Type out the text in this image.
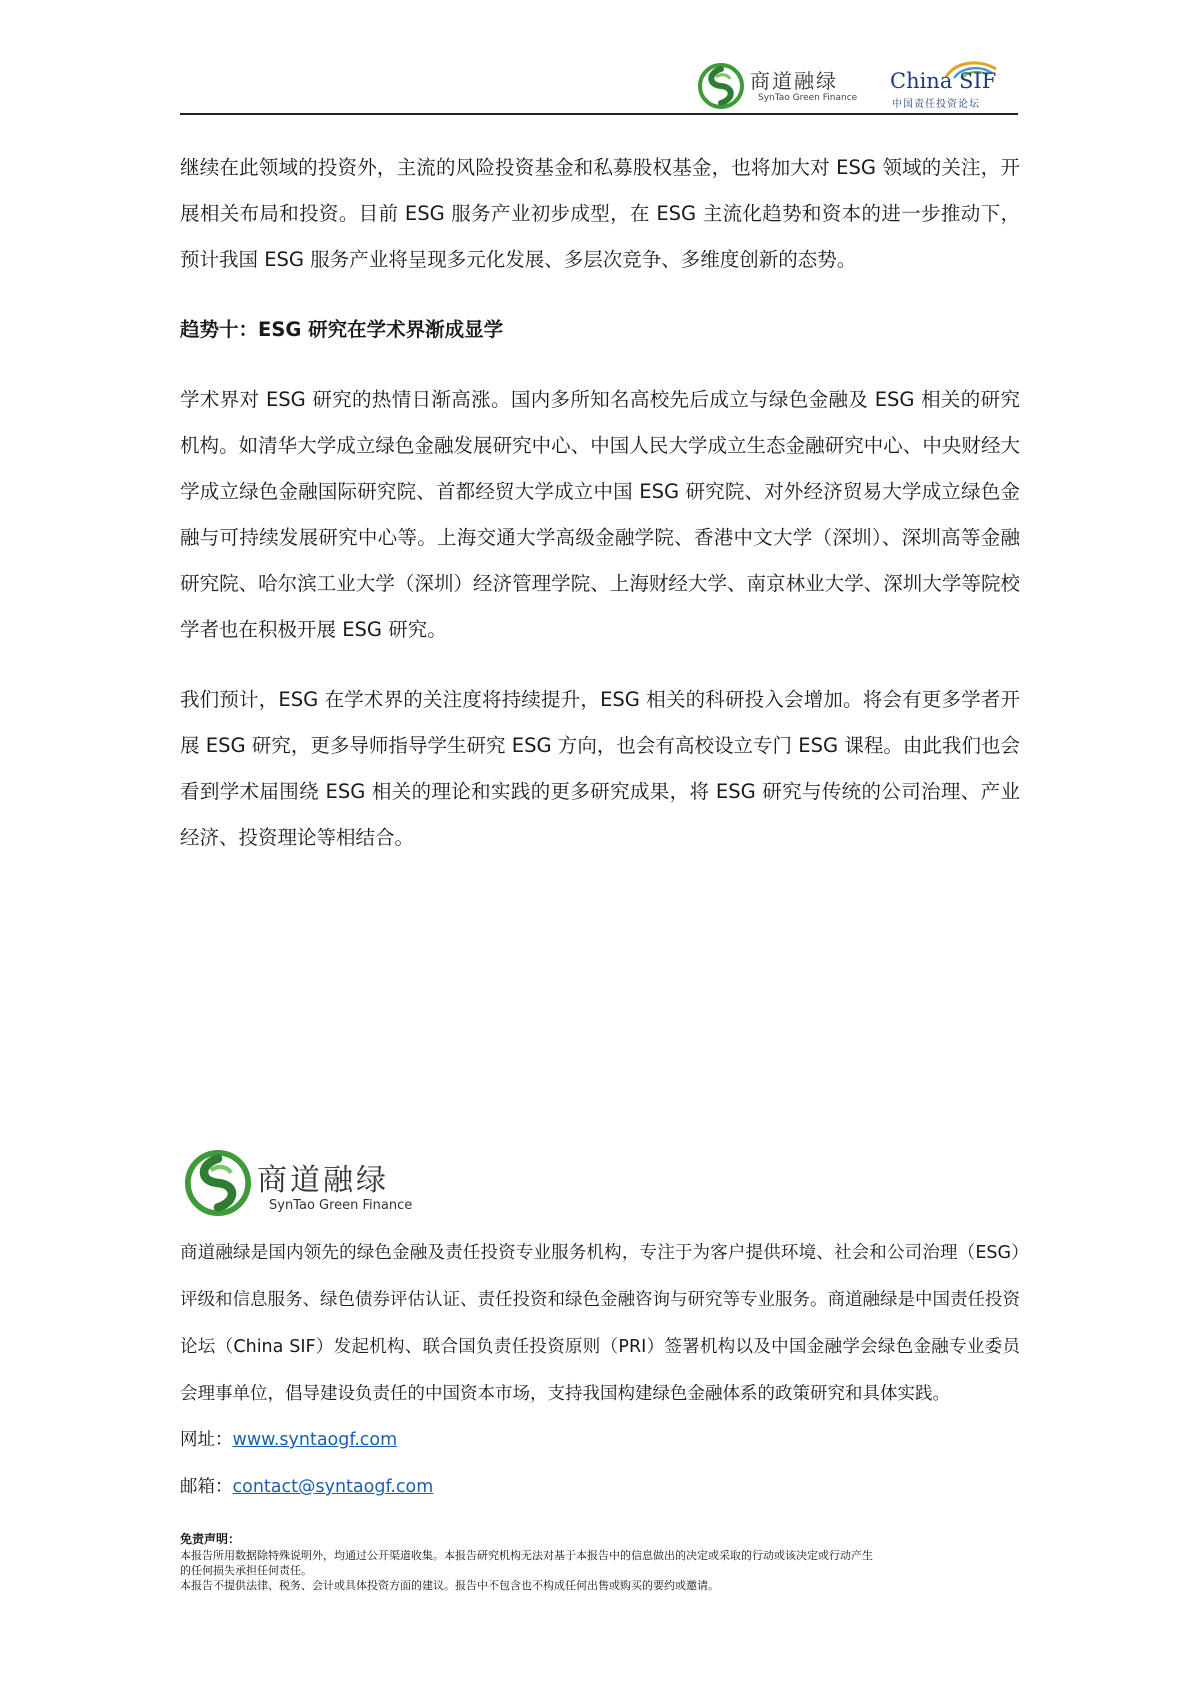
商道融绿
SynTao Green Finance
China SIF
中国责任投资论坛

继续在此领域的投资外，主流的风险投资基金和私募股权基金，也将加大对 ESG 领域的关注，开展相关布局和投资。目前 ESG 服务产业初步成型，在 ESG 主流化趋势和资本的进一步推动下，预计我国 ESG 服务产业将呈现多元化发展、多层次竞争、多维度创新的态势。

趋势十：ESG 研究在学术界渐成显学

学术界对 ESG 研究的热情日渐高涨。国内多所知名高校先后成立与绿色金融及 ESG 相关的研究机构。如清华大学成立绿色金融发展研究中心、中国人民大学成立生态金融研究中心、中央财经大学成立绿色金融国际研究院、首都经贸大学成立中国 ESG 研究院、对外经济贸易大学成立绿色金融与可持续发展研究中心等。上海交通大学高级金融学院、香港中文大学（深圳）、深圳高等金融研究院、哈尔滨工业大学（深圳）经济管理学院、上海财经大学、南京林业大学、深圳大学等院校学者也在积极开展 ESG 研究。

我们预计，ESG 在学术界的关注度将持续提升，ESG 相关的科研投入会增加。将会有更多学者开展 ESG 研究，更多导师指导学生研究 ESG 方向，也会有高校设立专门 ESG 课程。由此我们也会看到学术届围绕 ESG 相关的理论和实践的更多研究成果，将 ESG 研究与传统的公司治理、产业经济、投资理论等相结合。

商道融绿
SynTao Green Finance
商道融绿是国内领先的绿色金融及责任投资专业服务机构，专注于为客户提供环境、社会和公司治理（ESG）评级和信息服务、绿色债券评估认证、责任投资和绿色金融咨询与研究等专业服务。商道融绿是中国责任投资论坛（China SIF）发起机构、联合国负责任投资原则（PRI）签署机构以及中国金融学会绿色金融专业委员会理事单位，倡导建设负责任的中国资本市场，支持我国构建绿色金融体系的政策研究和具体实践。
网址：www.syntaogf.com
邮箱：contact@syntaogf.com
免责声明：
本报告所用数据除特殊说明外，均通过公开渠道收集。本报告研究机构无法对基于本报告中的信息做出的决定或采取的行动或该决定或行动产生
的任何损失承担任何责任。
本报告不提供法律、税务、会计或具体投资方面的建议。报告中不包含也不构成任何出售或购买的要约或邀请。
